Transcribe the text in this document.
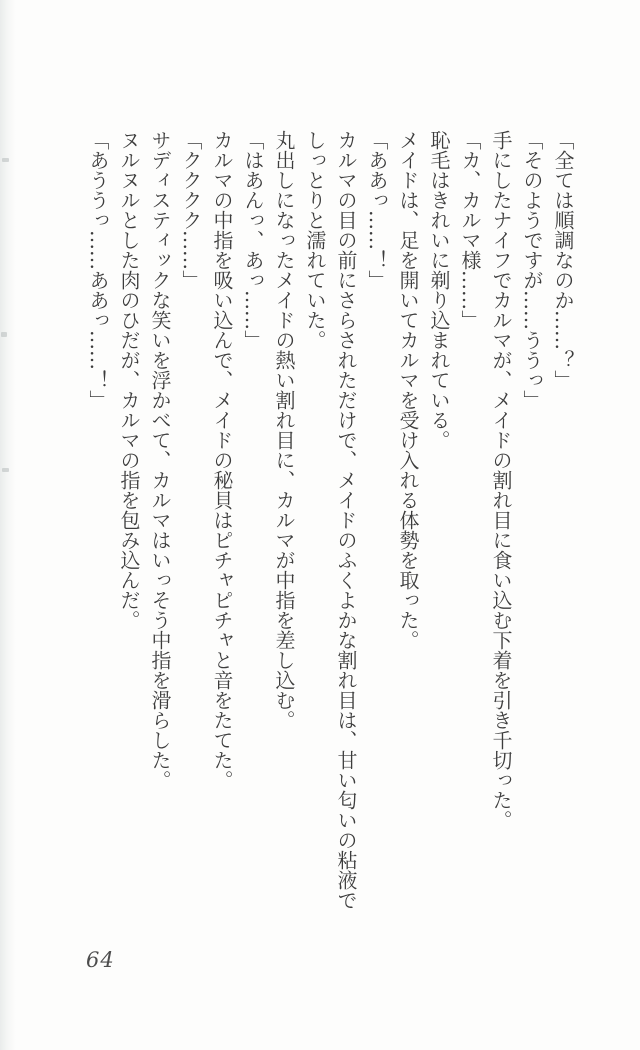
「全ては順調なのか……？」

「そのようですが……ううっ」

手にしたナイフでカルマが、メイドの割れ目に食い込む下着を引き千切った。

「カ、カルマ様……」

恥毛はきれいに剃り込まれている。

メイドは、足を開いてカルマを受け入れる体勢を取った。

「ああっ……！」

カルマの目の前にさらされただけで、メイドのふくよかな割れ目は、甘い匂いの粘液でしっとりと濡れていた。

丸出しになったメイドの熱い割れ目に、カルマが中指を差し込む。

「はあんっ、あっ……」

カルマの中指を吸い込んで、メイドの秘貝はピチャピチャと音をたてた。

「クククク……」

サディスティックな笑いを浮かべて、カルマはいっそう中指を滑らした。

ヌルヌルとした肉のひだが、カルマの指を包み込んだ。

「あううっ……ああっ……！」

64
